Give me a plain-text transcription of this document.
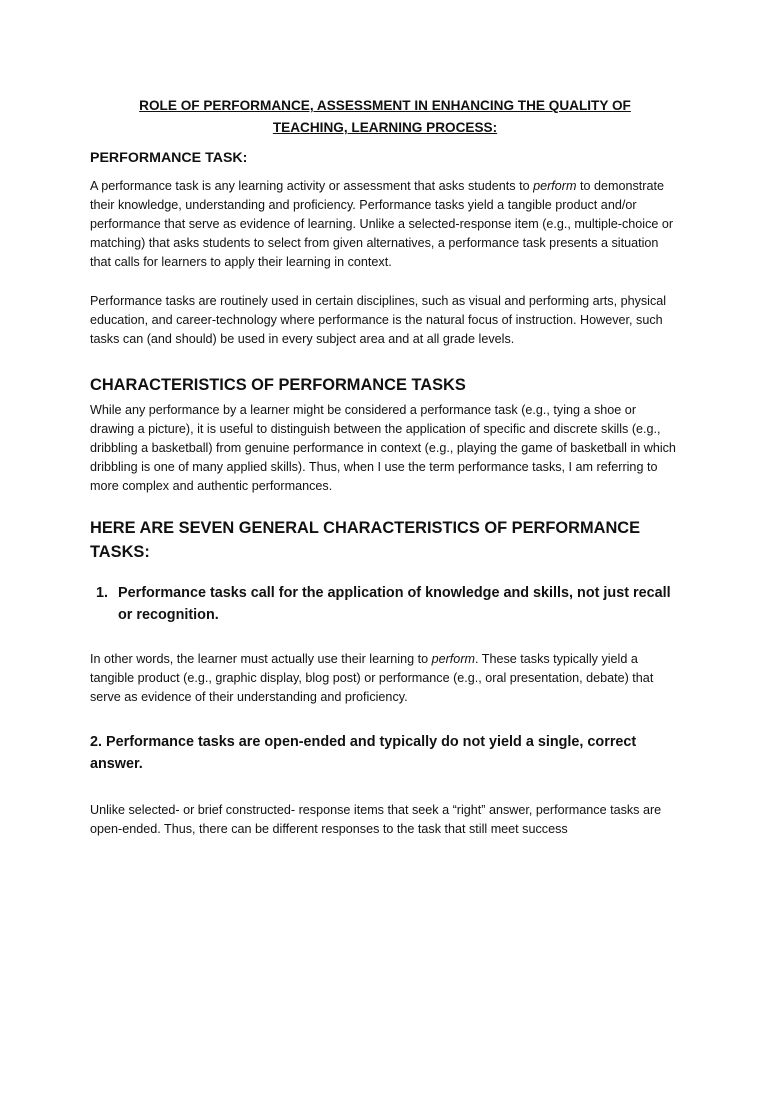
ROLE OF PERFORMANCE, ASSESSMENT IN ENHANCING THE QUALITY OF
TEACHING, LEARNING PROCESS:
PERFORMANCE TASK:

A performance task is any learning activity or assessment that asks students to perform to demonstrate their knowledge, understanding and proficiency. Performance tasks yield a tangible product and/or performance that serve as evidence of learning. Unlike a selected-response item (e.g., multiple-choice or matching) that asks students to select from given alternatives, a performance task presents a situation that calls for learners to apply their learning in context.

Performance tasks are routinely used in certain disciplines, such as visual and performing arts, physical education, and career-technology where performance is the natural focus of instruction. However, such tasks can (and should) be used in every subject area and at all grade levels.

CHARACTERISTICS OF PERFORMANCE TASKS

While any performance by a learner might be considered a performance task (e.g., tying a shoe or drawing a picture), it is useful to distinguish between the application of specific and discrete skills (e.g., dribbling a basketball) from genuine performance in context (e.g., playing the game of basketball in which dribbling is one of many applied skills). Thus, when I use the term performance tasks, I am referring to more complex and authentic performances.

HERE ARE SEVEN GENERAL CHARACTERISTICS OF PERFORMANCE TASKS:
1. Performance tasks call for the application of knowledge and skills, not just recall or recognition.

In other words, the learner must actually use their learning to perform. These tasks typically yield a tangible product (e.g., graphic display, blog post) or performance (e.g., oral presentation, debate) that serve as evidence of their understanding and proficiency.

2. Performance tasks are open-ended and typically do not yield a single, correct answer.

Unlike selected- or brief constructed- response items that seek a “right” answer, performance tasks are open-ended. Thus, there can be different responses to the task that still meet success
